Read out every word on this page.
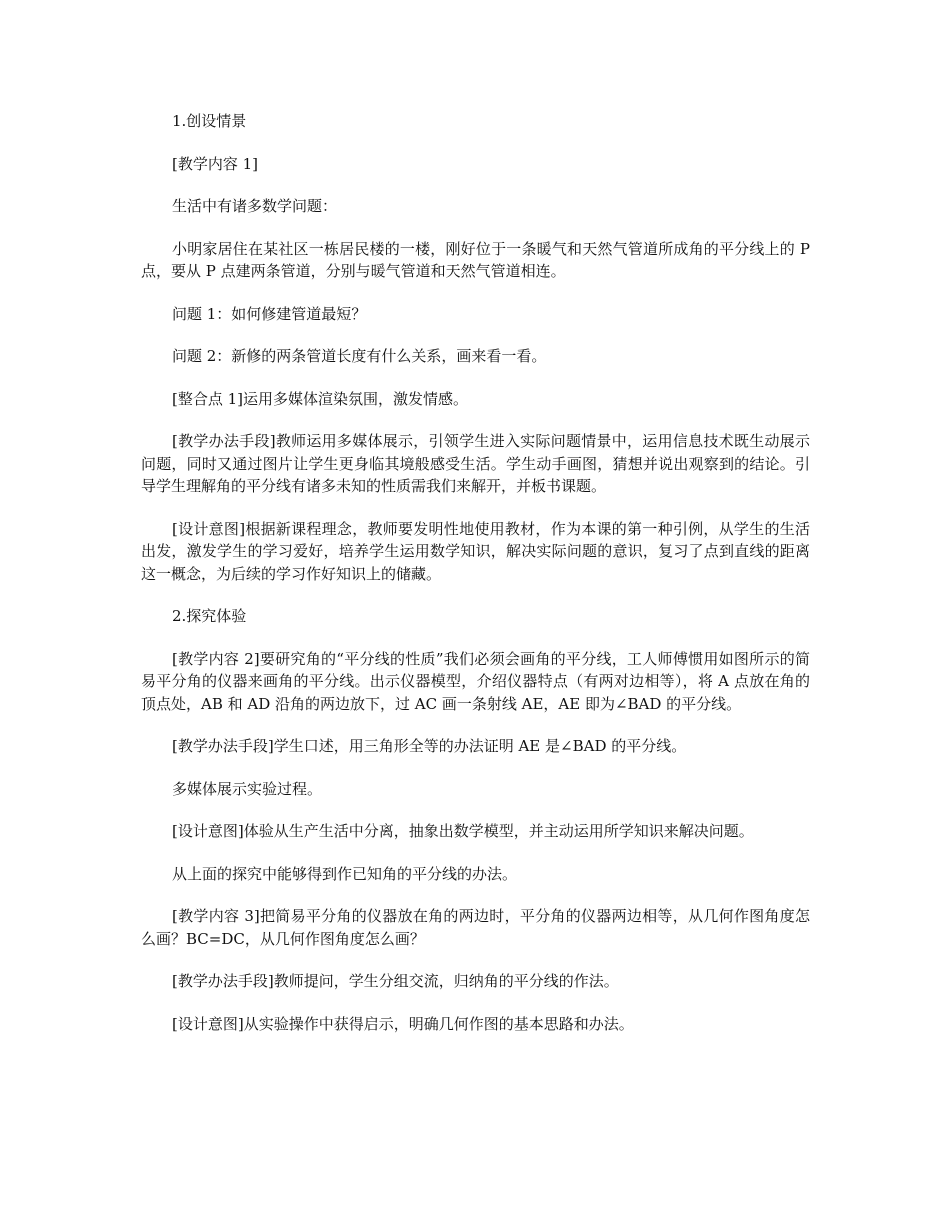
1.创设情景

[教学内容 1]

生活中有诸多数学问题：

小明家居住在某社区一栋居民楼的一楼，刚好位于一条暖气和天然气管道所成角的平分线上的 P 点，要从 P 点建两条管道，分别与暖气管道和天然气管道相连。

问题 1：如何修建管道最短？

问题 2：新修的两条管道长度有什么关系，画来看一看。

[整合点 1]运用多媒体渲染氛围，激发情感。

[教学办法手段]教师运用多媒体展示，引领学生进入实际问题情景中，运用信息技术既生动展示问题，同时又通过图片让学生更身临其境般感受生活。学生动手画图，猜想并说出观察到的结论。引导学生理解角的平分线有诸多未知的性质需我们来解开，并板书课题。

[设计意图]根据新课程理念，教师要发明性地使用教材，作为本课的第一种引例，从学生的生活出发，激发学生的学习爱好，培养学生运用数学知识，解决实际问题的意识，复习了点到直线的距离这一概念，为后续的学习作好知识上的储藏。

2.探究体验

[教学内容 2]要研究角的“平分线的性质”我们必须会画角的平分线，工人师傅惯用如图所示的简易平分角的仪器来画角的平分线。出示仪器模型，介绍仪器特点（有两对边相等），将 A 点放在角的顶点处，AB 和 AD 沿角的两边放下，过 AC 画一条射线 AE，AE 即为∠BAD 的平分线。

[教学办法手段]学生口述，用三角形全等的办法证明 AE 是∠BAD 的平分线。

多媒体展示实验过程。

[设计意图]体验从生产生活中分离，抽象出数学模型，并主动运用所学知识来解决问题。

从上面的探究中能够得到作已知角的平分线的办法。

[教学内容 3]把简易平分角的仪器放在角的两边时，平分角的仪器两边相等，从几何作图角度怎么画？BC=DC，从几何作图角度怎么画？

[教学办法手段]教师提问，学生分组交流，归纳角的平分线的作法。

[设计意图]从实验操作中获得启示，明确几何作图的基本思路和办法。
